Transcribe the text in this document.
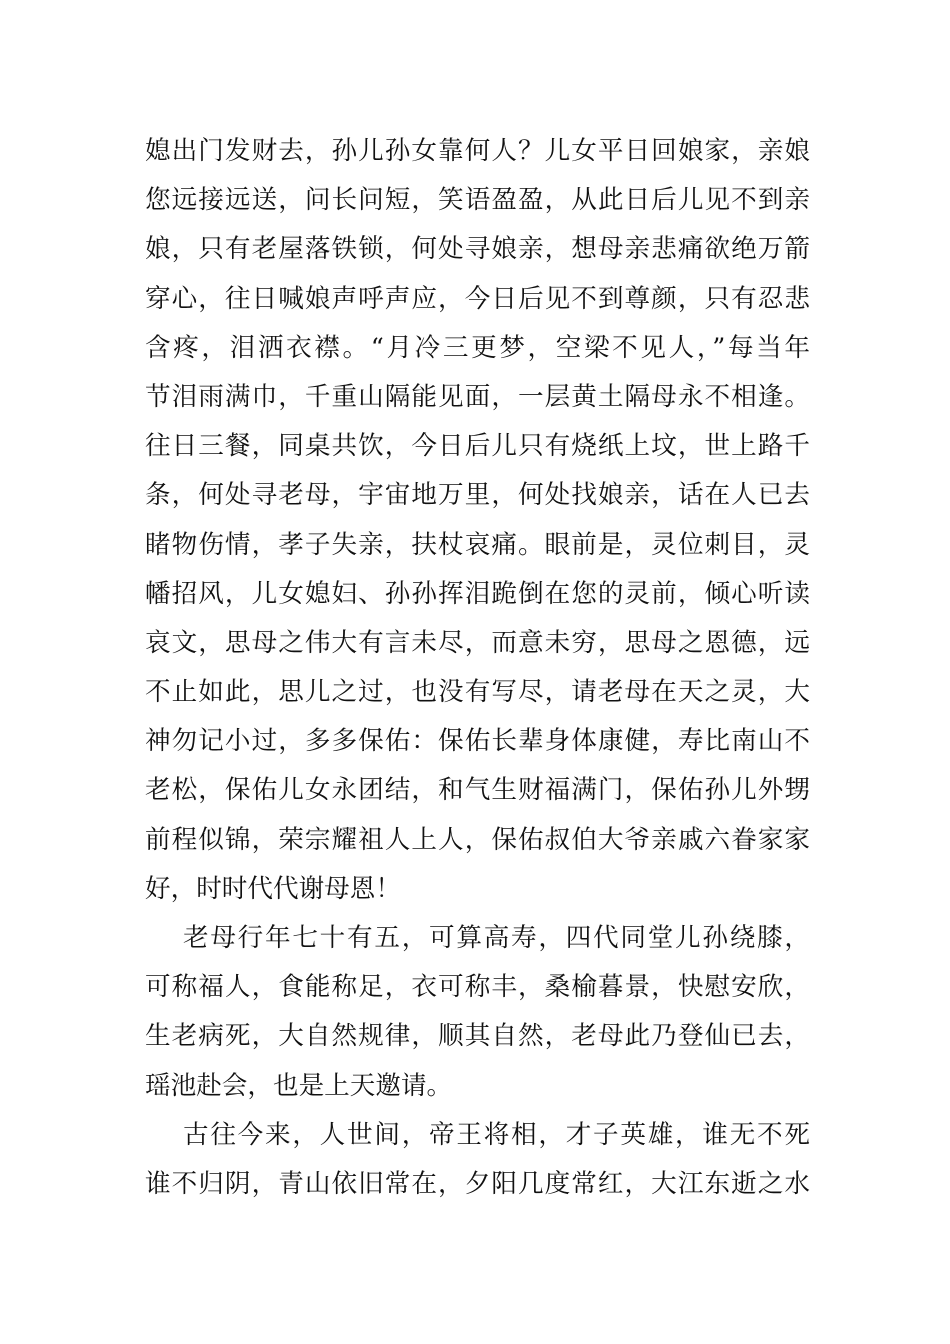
媳出门发财去，孙儿孙女靠何人？儿女平日回娘家，亲娘
您远接远送，问长问短，笑语盈盈，从此日后儿见不到亲
娘，只有老屋落铁锁，何处寻娘亲，想母亲悲痛欲绝万箭
穿心，往日喊娘声呼声应，今日后见不到尊颜，只有忍悲
含疼，泪洒衣襟。“月冷三更梦，空梁不见人，”每当年
节泪雨满巾，千重山隔能见面，一层黄土隔母永不相逢。
往日三餐，同桌共饮，今日后儿只有烧纸上坟，世上路千
条，何处寻老母，宇宙地万里，何处找娘亲，话在人已去
睹物伤情，孝子失亲，扶杖哀痛。眼前是，灵位刺目，灵
幡招风，儿女媳妇、孙孙挥泪跪倒在您的灵前，倾心听读
哀文，思母之伟大有言未尽，而意未穷，思母之恩德，远
不止如此，思儿之过，也没有写尽，请老母在天之灵，大
神勿记小过，多多保佑：保佑长辈身体康健，寿比南山不
老松，保佑儿女永团结，和气生财福满门，保佑孙儿外甥
前程似锦，荣宗耀祖人上人，保佑叔伯大爷亲戚六眷家家
好，时时代代谢母恩！
老母行年七十有五，可算高寿，四代同堂儿孙绕膝，
可称福人，食能称足，衣可称丰，桑榆暮景，快慰安欣，
生老病死，大自然规律，顺其自然，老母此乃登仙已去，
瑶池赴会，也是上天邀请。
古往今来，人世间，帝王将相，才子英雄，谁无不死
谁不归阴，青山依旧常在，夕阳几度常红，大江东逝之水
